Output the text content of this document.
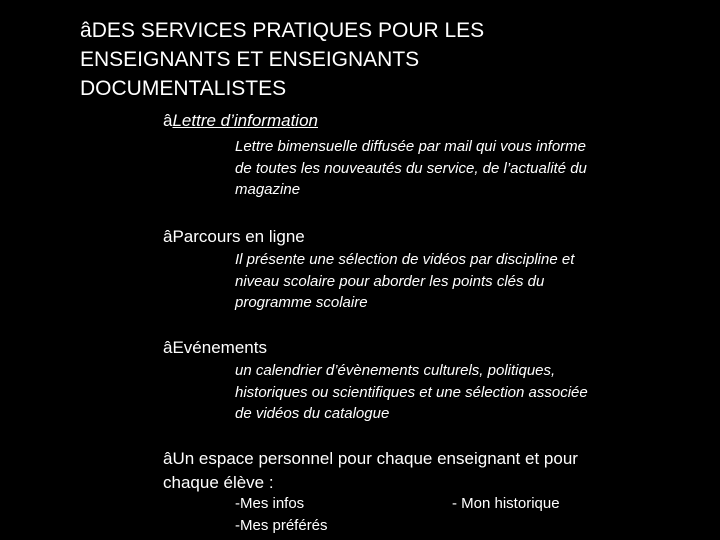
âDES SERVICES PRATIQUES POUR LES
ENSEIGNANTS ET ENSEIGNANTS
DOCUMENTALISTES
âLettre d’information
Lettre bimensuelle diffusée par mail qui vous informe
de toutes les nouveautés du service, de l’actualité du
magazine
âParcours en ligne
Il présente une sélection de vidéos par discipline et
niveau scolaire pour aborder les points clés du
programme scolaire
âEvénements
un calendrier d’évènements culturels, politiques,
historiques ou scientifiques et une sélection associée
de vidéos du catalogue
âUn espace personnel pour chaque enseignant et pour
chaque élève :
-Mes infos	- Mon historique
-Mes préférés
